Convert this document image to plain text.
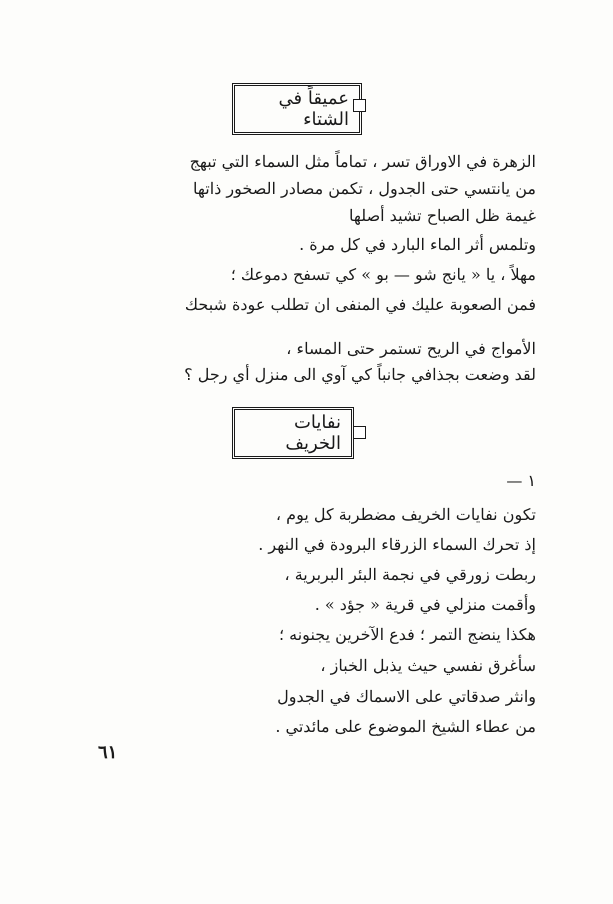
عميقاً في الشتاء
الزهرة في الاوراق تسر ، تماماً مثل السماء التي تبهج
من يانتسي حتى الجدول ، تكمن مصادر الصخور ذاتها
غيمة ظل الصباح تشيد أصلها
وتلمس أثر الماء البارد في كل مرة .
مهلاً ، يا « يانج شو — بو » كي تسفح دموعك ؛
فمن الصعوبة عليك في المنفى ان تطلب عودة شبحك
الأمواج في الريح تستمر حتى المساء ،
لقد وضعت بجذافي جانباً كي آوي الى منزل أي رجل ؟
نفايات الخريف
١ —
تكون نفايات الخريف مضطربة كل يوم ،
إذ تحرك السماء الزرقاء البرودة في النهر .
ربطت زورقي في نجمة البئر البربرية ،
وأقمت منزلي في قرية « جؤد » .
هكذا ينضج التمر ؛ فدع الآخرين يجنونه ؛
سأغرق نفسي حيث يذبل الخباز ،
وانثر صدقاتي على الاسماك في الجدول
من عطاء الشيخ الموضوع على مائدتي .
٦١
